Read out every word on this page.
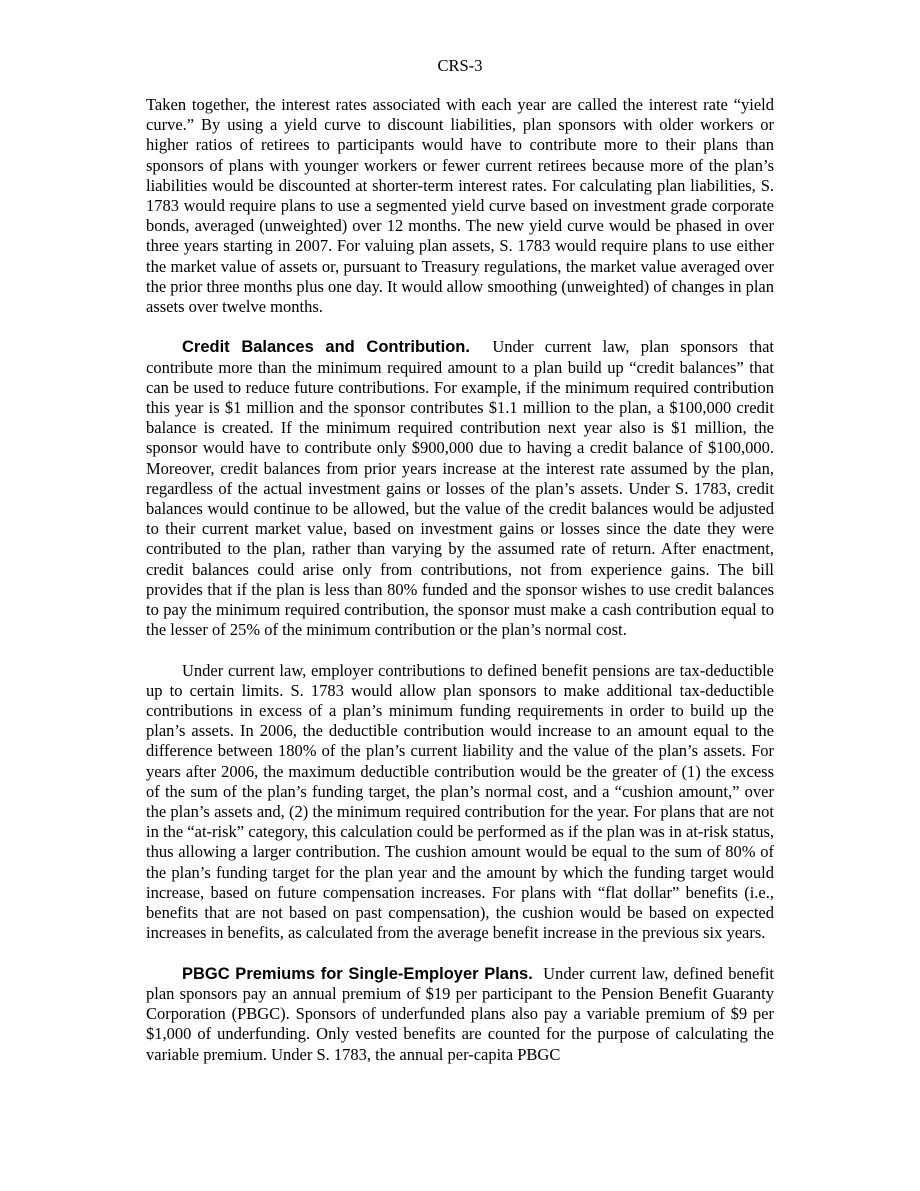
CRS-3

Taken together, the interest rates associated with each year are called the interest rate “yield curve.” By using a yield curve to discount liabilities, plan sponsors with older workers or higher ratios of retirees to participants would have to contribute more to their plans than sponsors of plans with younger workers or fewer current retirees because more of the plan’s liabilities would be discounted at shorter-term interest rates. For calculating plan liabilities, S. 1783 would require plans to use a segmented yield curve based on investment grade corporate bonds, averaged (unweighted) over 12 months. The new yield curve would be phased in over three years starting in 2007. For valuing plan assets, S. 1783 would require plans to use either the market value of assets or, pursuant to Treasury regulations, the market value averaged over the prior three months plus one day. It would allow smoothing (unweighted) of changes in plan assets over twelve months.

Credit Balances and Contribution. Under current law, plan sponsors that contribute more than the minimum required amount to a plan build up “credit balances” that can be used to reduce future contributions. For example, if the minimum required contribution this year is $1 million and the sponsor contributes $1.1 million to the plan, a $100,000 credit balance is created. If the minimum required contribution next year also is $1 million, the sponsor would have to contribute only $900,000 due to having a credit balance of $100,000. Moreover, credit balances from prior years increase at the interest rate assumed by the plan, regardless of the actual investment gains or losses of the plan’s assets. Under S. 1783, credit balances would continue to be allowed, but the value of the credit balances would be adjusted to their current market value, based on investment gains or losses since the date they were contributed to the plan, rather than varying by the assumed rate of return. After enactment, credit balances could arise only from contributions, not from experience gains. The bill provides that if the plan is less than 80% funded and the sponsor wishes to use credit balances to pay the minimum required contribution, the sponsor must make a cash contribution equal to the lesser of 25% of the minimum contribution or the plan’s normal cost.

Under current law, employer contributions to defined benefit pensions are tax-deductible up to certain limits. S. 1783 would allow plan sponsors to make additional tax-deductible contributions in excess of a plan’s minimum funding requirements in order to build up the plan’s assets. In 2006, the deductible contribution would increase to an amount equal to the difference between 180% of the plan’s current liability and the value of the plan’s assets. For years after 2006, the maximum deductible contribution would be the greater of (1) the excess of the sum of the plan’s funding target, the plan’s normal cost, and a “cushion amount,” over the plan’s assets and, (2) the minimum required contribution for the year. For plans that are not in the “at-risk” category, this calculation could be performed as if the plan was in at-risk status, thus allowing a larger contribution. The cushion amount would be equal to the sum of 80% of the plan’s funding target for the plan year and the amount by which the funding target would increase, based on future compensation increases. For plans with “flat dollar” benefits (i.e., benefits that are not based on past compensation), the cushion would be based on expected increases in benefits, as calculated from the average benefit increase in the previous six years.

PBGC Premiums for Single-Employer Plans. Under current law, defined benefit plan sponsors pay an annual premium of $19 per participant to the Pension Benefit Guaranty Corporation (PBGC). Sponsors of underfunded plans also pay a variable premium of $9 per $1,000 of underfunding. Only vested benefits are counted for the purpose of calculating the variable premium. Under S. 1783, the annual per-capita PBGC
